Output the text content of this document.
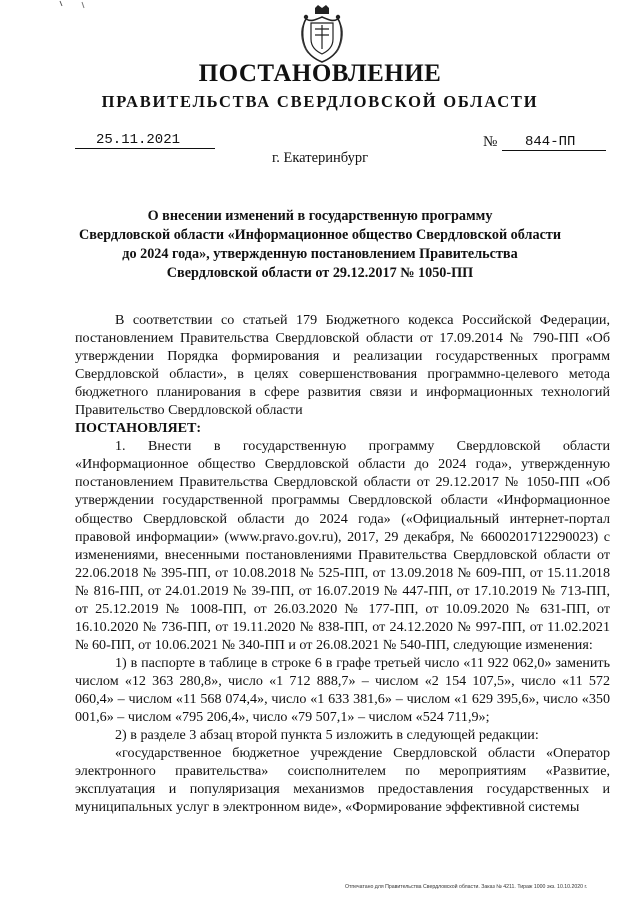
ПОСТАНОВЛЕНИЕ
ПРАВИТЕЛЬСТВА СВЕРДЛОВСКОЙ ОБЛАСТИ
25.11.2021	№ 844-ПП
г. Екатеринбург
О внесении изменений в государственную программу
Свердловской области «Информационное общество Свердловской области
до 2024 года», утвержденную постановлением Правительства
Свердловской области от 29.12.2017 № 1050-ПП

В соответствии со статьей 179 Бюджетного кодекса Российской Федерации, постановлением Правительства Свердловской области от 17.09.2014 № 790-ПП «Об утверждении Порядка формирования и реализации государственных программ Свердловской области», в целях совершенствования программно-целевого метода бюджетного планирования в сфере развития связи и информационных технологий Правительство Свердловской области

ПОСТАНОВЛЯЕТ:

1. Внести в государственную программу Свердловской области «Информационное общество Свердловской области до 2024 года», утвержденную постановлением Правительства Свердловской области от 29.12.2017 № 1050-ПП «Об утверждении государственной программы Свердловской области «Информационное общество Свердловской области до 2024 года» («Официальный интернет-портал правовой информации» (www.pravo.gov.ru), 2017, 29 декабря, № 6600201712290023) с изменениями, внесенными постановлениями Правительства Свердловской области от 22.06.2018 № 395-ПП, от 10.08.2018 № 525-ПП, от 13.09.2018 № 609-ПП, от 15.11.2018 № 816-ПП, от 24.01.2019 № 39-ПП, от 16.07.2019 № 447-ПП, от 17.10.2019 № 713-ПП, от 25.12.2019 № 1008-ПП, от 26.03.2020 № 177-ПП, от 10.09.2020 № 631-ПП, от 16.10.2020 № 736-ПП, от 19.11.2020 № 838-ПП, от 24.12.2020 № 997-ПП, от 11.02.2021 № 60-ПП, от 10.06.2021 № 340-ПП и от 26.08.2021 № 540-ПП, следующие изменения:

1) в паспорте в таблице в строке 6 в графе третьей число «11 922 062,0» заменить числом «12 363 280,8», число «1 712 888,7» – числом «2 154 107,5», число «11 572 060,4» – числом «11 568 074,4», число «1 633 381,6» – числом «1 629 395,6», число «350 001,6» – числом «795 206,4», число «79 507,1» – числом «524 711,9»;

2) в разделе 3 абзац второй пункта 5 изложить в следующей редакции:

«государственное бюджетное учреждение Свердловской области «Оператор электронного правительства» соисполнителем по мероприятиям «Развитие, эксплуатация и популяризация механизмов предоставления государственных и муниципальных услуг в электронном виде», «Формирование эффективной системы

Отпечатано для Правительства Свердловской области. Заказ № 4211. Тираж 1000 экз. 10.10.2020 г.
